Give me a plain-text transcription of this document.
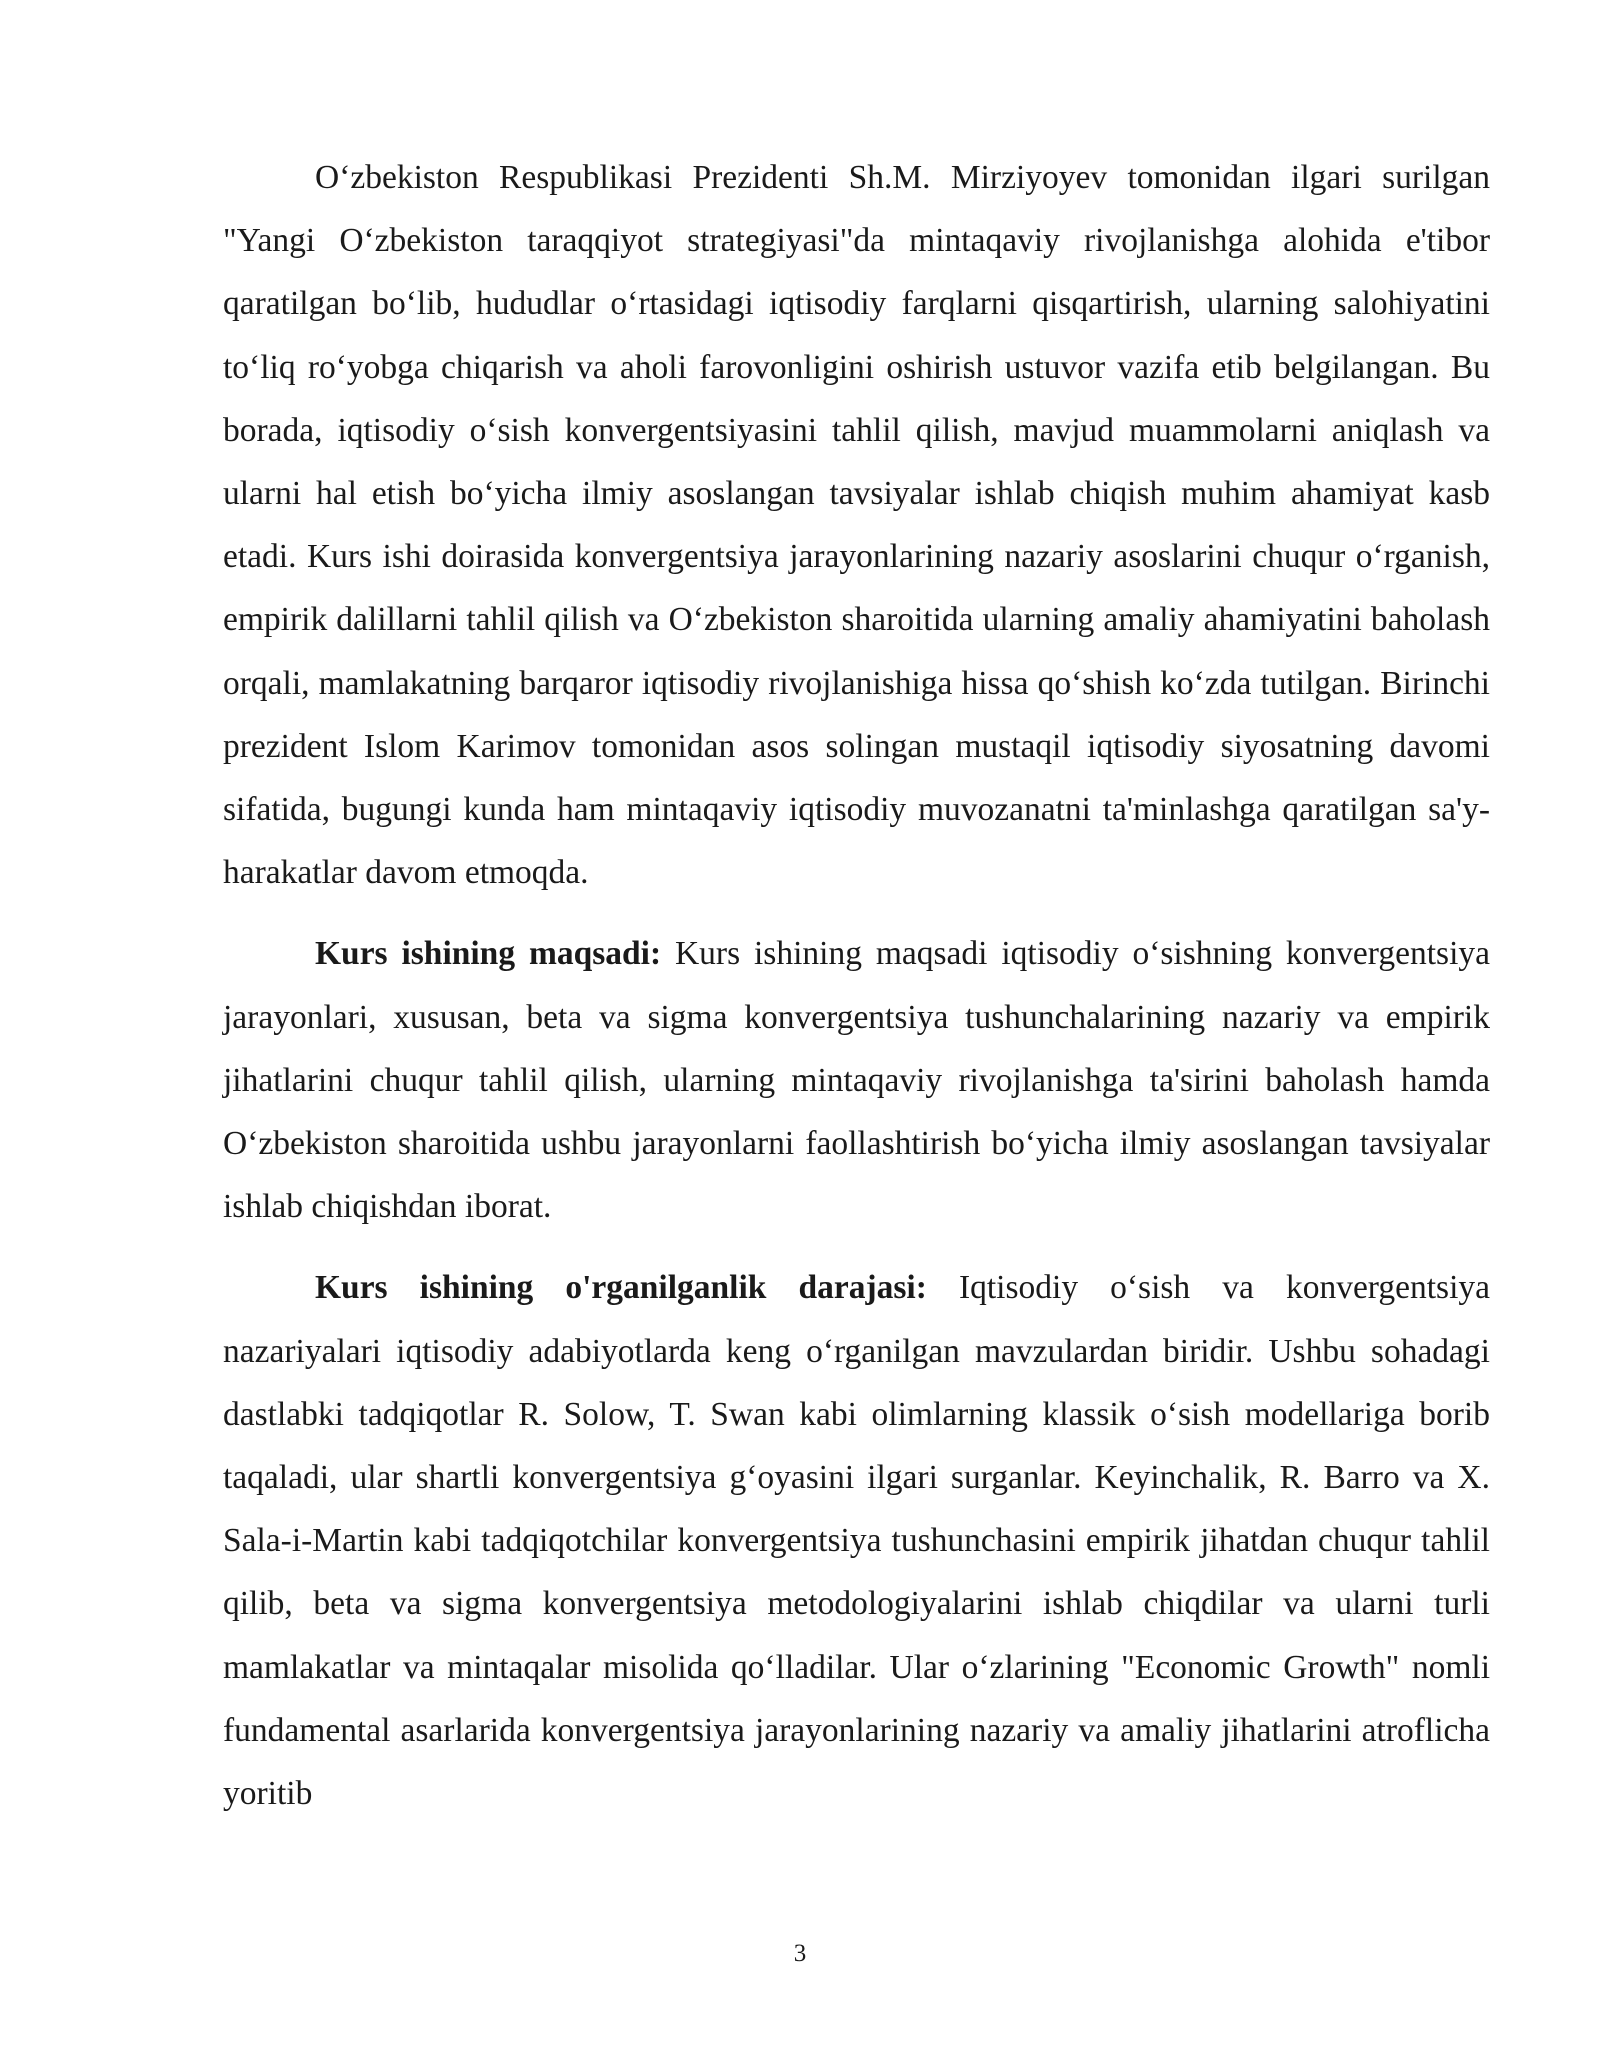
O‘zbekiston Respublikasi Prezidenti Sh.M. Mirziyoyev tomonidan ilgari surilgan "Yangi O‘zbekiston taraqqiyot strategiyasi"da mintaqaviy rivojlanishga alohida e'tibor qaratilgan bo‘lib, hududlar o‘rtasidagi iqtisodiy farqlarni qisqartirish, ularning salohiyatini to‘liq ro‘yobga chiqarish va aholi farovonligini oshirish ustuvor vazifa etib belgilangan. Bu borada, iqtisodiy o‘sish konvergentsiyasini tahlil qilish, mavjud muammolarni aniqlash va ularni hal etish bo‘yicha ilmiy asoslangan tavsiyalar ishlab chiqish muhim ahamiyat kasb etadi. Kurs ishi doirasida konvergentsiya jarayonlarining nazariy asoslarini chuqur o‘rganish, empirik dalillarni tahlil qilish va O‘zbekiston sharoitida ularning amaliy ahamiyatini baholash orqali, mamlakatning barqaror iqtisodiy rivojlanishiga hissa qo‘shish ko‘zda tutilgan. Birinchi prezident Islom Karimov tomonidan asos solingan mustaqil iqtisodiy siyosatning davomi sifatida, bugungi kunda ham mintaqaviy iqtisodiy muvozanatni ta'minlashga qaratilgan sa'y-harakatlar davom etmoqda.

Kurs ishining maqsadi: Kurs ishining maqsadi iqtisodiy o‘sishning konvergentsiya jarayonlari, xususan, beta va sigma konvergentsiya tushunchalarining nazariy va empirik jihatlarini chuqur tahlil qilish, ularning mintaqaviy rivojlanishga ta'sirini baholash hamda O‘zbekiston sharoitida ushbu jarayonlarni faollashtirish bo‘yicha ilmiy asoslangan tavsiyalar ishlab chiqishdan iborat.

Kurs ishining o'rganilganlik darajasi: Iqtisodiy o‘sish va konvergentsiya nazariyalari iqtisodiy adabiyotlarda keng o‘rganilgan mavzulardan biridir. Ushbu sohadagi dastlabki tadqiqotlar R. Solow, T. Swan kabi olimlarning klassik o‘sish modellariga borib taqaladi, ular shartli konvergentsiya g‘oyasini ilgari surganlar. Keyinchalik, R. Barro va X. Sala-i-Martin kabi tadqiqotchilar konvergentsiya tushunchasini empirik jihatdan chuqur tahlil qilib, beta va sigma konvergentsiya metodologiyalarini ishlab chiqdilar va ularni turli mamlakatlar va mintaqalar misolida qo‘lladilar. Ular o‘zlarining "Economic Growth" nomli fundamental asarlarida konvergentsiya jarayonlarining nazariy va amaliy jihatlarini atroflicha yoritib

3
